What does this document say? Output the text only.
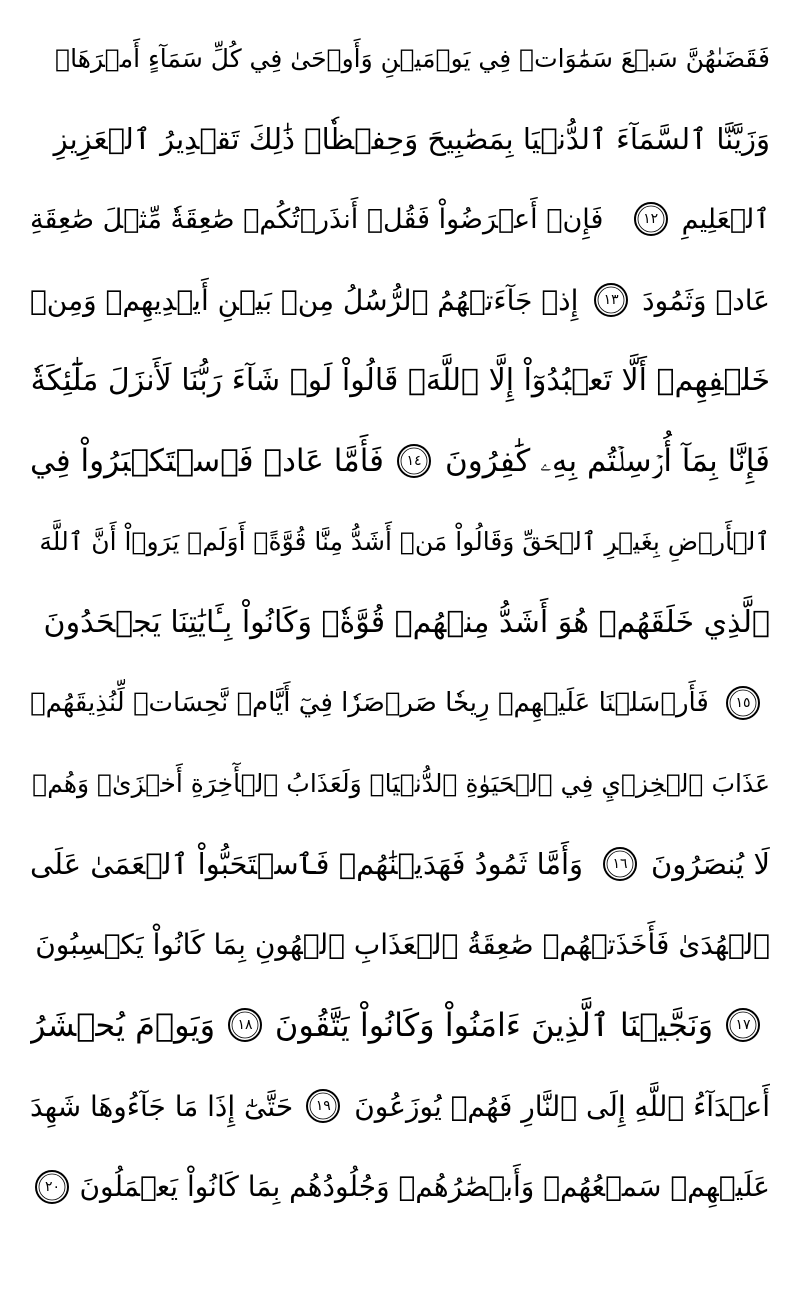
فَقَضَىٰهُنَّ سَبۡعَ سَمَٰوَاتٖ فِي يَوۡمَيۡنِ وَأَوۡحَىٰ فِي كُلِّ سَمَآءٍ أَمۡرَهَاۚ
وَزَيَّنَّا ٱلسَّمَآءَ ٱلدُّنۡيَا بِمَصَٰبِيحَ وَحِفۡظٗاۚ ذَٰلِكَ تَقۡدِيرُ ٱلۡعَزِيزِ
ٱلۡعَلِيمِ
١٢
فَإِنۡ أَعۡرَضُواْ فَقُلۡ أَنذَرۡتُكُمۡ صَٰعِقَةٗ مِّثۡلَ صَٰعِقَةِ
عَادٖ وَثَمُودَ
١٣
إِذۡ جَآءَتۡهُمُ ٱلرُّسُلُ مِنۢ بَيۡنِ أَيۡدِيهِمۡ وَمِنۡ
خَلۡفِهِمۡ أَلَّا تَعۡبُدُوٓاْ إِلَّا ٱللَّهَۖ قَالُواْ لَوۡ شَآءَ رَبُّنَا لَأَنزَلَ مَلَٰٓئِكَةٗ
فَإِنَّا بِمَآ أُرۡسِلۡتُم بِهِۦ كَٰفِرُونَ
١٤
فَأَمَّا عَادٞ فَٱسۡتَكۡبَرُواْ فِي
ٱلۡأَرۡضِ بِغَيۡرِ ٱلۡحَقِّ وَقَالُواْ مَنۡ أَشَدُّ مِنَّا قُوَّةًۖ أَوَلَمۡ يَرَوۡاْ أَنَّ ٱللَّهَ
ٱلَّذِي خَلَقَهُمۡ هُوَ أَشَدُّ مِنۡهُمۡ قُوَّةٗۖ وَكَانُواْ بِـَٔايَٰتِنَا يَجۡحَدُونَ
١٥
فَأَرۡسَلۡنَا عَلَيۡهِمۡ رِيحٗا صَرۡصَرٗا فِيٓ أَيَّامٖ نَّحِسَاتٖ لِّنُذِيقَهُمۡ
عَذَابَ ٱلۡخِزۡيِ فِي ٱلۡحَيَوٰةِ ٱلدُّنۡيَاۖ وَلَعَذَابُ ٱلۡأٓخِرَةِ أَخۡزَىٰۖ وَهُمۡ
لَا يُنصَرُونَ
١٦
وَأَمَّا ثَمُودُ فَهَدَيۡنَٰهُمۡ فَٱسۡتَحَبُّواْ ٱلۡعَمَىٰ عَلَى
ٱلۡهُدَىٰ فَأَخَذَتۡهُمۡ صَٰعِقَةُ ٱلۡعَذَابِ ٱلۡهُونِ بِمَا كَانُواْ يَكۡسِبُونَ
١٧
وَنَجَّيۡنَا ٱلَّذِينَ ءَامَنُواْ وَكَانُواْ يَتَّقُونَ
١٨
وَيَوۡمَ يُحۡشَرُ
أَعۡدَآءُ ٱللَّهِ إِلَى ٱلنَّارِ فَهُمۡ يُوزَعُونَ
١٩
حَتَّىٰٓ إِذَا مَا جَآءُوهَا شَهِدَ
عَلَيۡهِمۡ سَمۡعُهُمۡ وَأَبۡصَٰرُهُمۡ وَجُلُودُهُم بِمَا كَانُواْ يَعۡمَلُونَ
٢٠
